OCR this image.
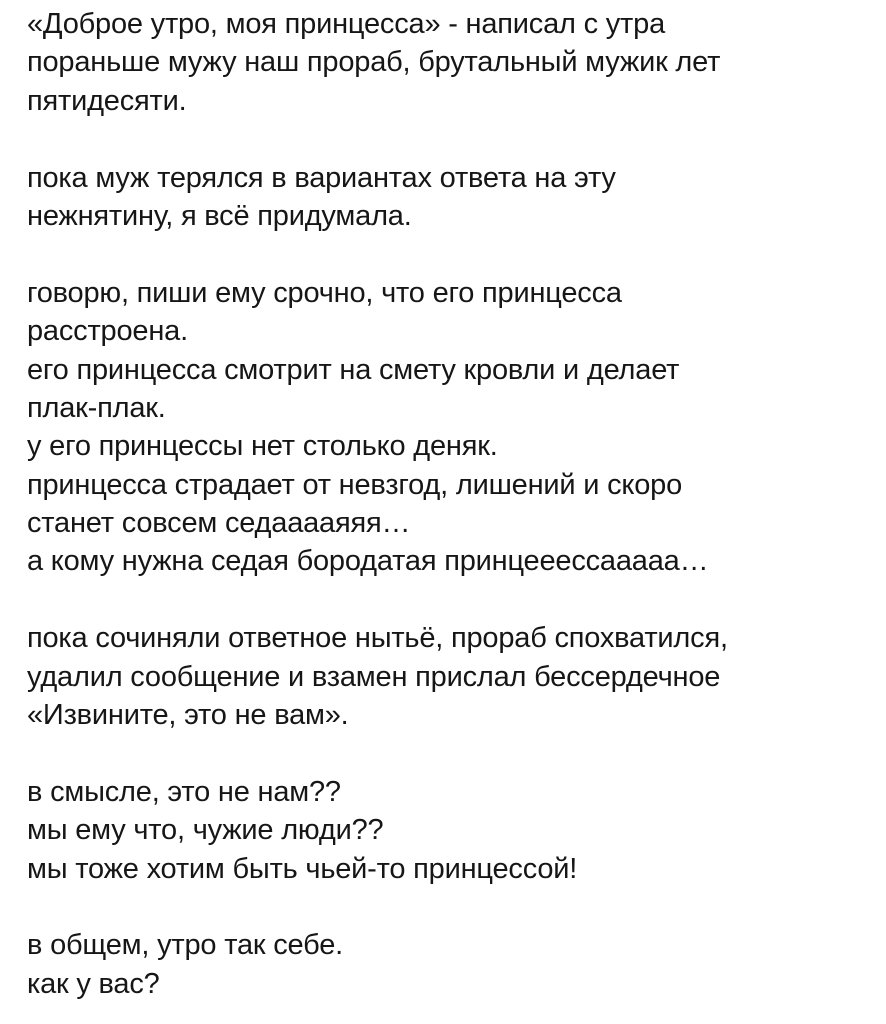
«Доброе утро, моя принцесса» - написал с утра
пораньше мужу наш прораб, брутальный мужик лет
пятидесяти.
пока муж терялся в вариантах ответа на эту
нежнятину, я всё придумала.
говорю, пиши ему срочно, что его принцесса
расстроена.
его принцесса смотрит на смету кровли и делает
плак-плак.
у его принцессы нет столько деняк.
принцесса страдает от невзгод, лишений и скоро
станет совсем седааааяяя…
а кому нужна седая бородатая принцееессааааа…
пока сочиняли ответное нытьё, прораб спохватился,
удалил сообщение и взамен прислал бессердечное
«Извините, это не вам».
в смысле, это не нам??
мы ему что, чужие люди??
мы тоже хотим быть чьей-то принцессой!
в общем, утро так себе.
как у вас?
